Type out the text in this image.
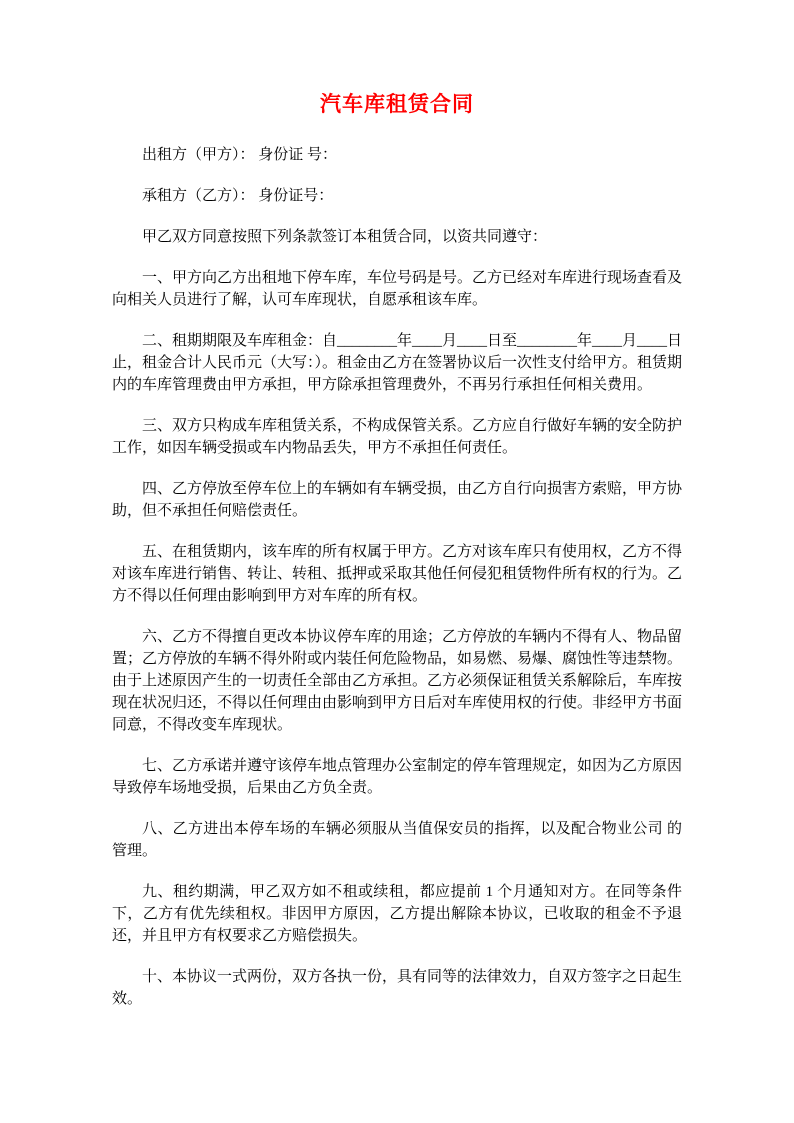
汽车库租赁合同

出租方（甲方）： 身份证 号：

承租方（乙方）： 身份证号：

甲乙双方同意按照下列条款签订本租赁合同，以资共同遵守：

一、甲方向乙方出租地下停车库，车位号码是号。乙方已经对车库进行现场查看及向相关人员进行了解，认可车库现状，自愿承租该车库。

二、租期期限及车库租金：自________年____月____日至________年____月____日止，租金合计人民币元（大写：）。租金由乙方在签署协议后一次性支付给甲方。租赁期内的车库管理费由甲方承担，甲方除承担管理费外，不再另行承担任何相关费用。

三、双方只构成车库租赁关系，不构成保管关系。乙方应自行做好车辆的安全防护工作，如因车辆受损或车内物品丢失，甲方不承担任何责任。

四、乙方停放至停车位上的车辆如有车辆受损，由乙方自行向损害方索赔，甲方协助，但不承担任何赔偿责任。

五、在租赁期内，该车库的所有权属于甲方。乙方对该车库只有使用权，乙方不得对该车库进行销售、转让、转租、抵押或采取其他任何侵犯租赁物件所有权的行为。乙方不得以任何理由影响到甲方对车库的所有权。

六、乙方不得擅自更改本协议停车库的用途；乙方停放的车辆内不得有人、物品留置；乙方停放的车辆不得外附或内装任何危险物品，如易燃、易爆、腐蚀性等违禁物。由于上述原因产生的一切责任全部由乙方承担。乙方必须保证租赁关系解除后，车库按现在状况归还，不得以任何理由由影响到甲方日后对车库使用权的行使。非经甲方书面同意，不得改变车库现状。

七、乙方承诺并遵守该停车地点管理办公室制定的停车管理规定，如因为乙方原因导致停车场地受损，后果由乙方负全责。

八、乙方进出本停车场的车辆必须服从当值保安员的指挥，以及配合物业公司 的管理。

九、租约期满，甲乙双方如不租或续租，都应提前 1 个月通知对方。在同等条件下，乙方有优先续租权。非因甲方原因，乙方提出解除本协议，已收取的租金不予退还，并且甲方有权要求乙方赔偿损失。

十、本协议一式两份，双方各执一份，具有同等的法律效力，自双方签字之日起生效。
